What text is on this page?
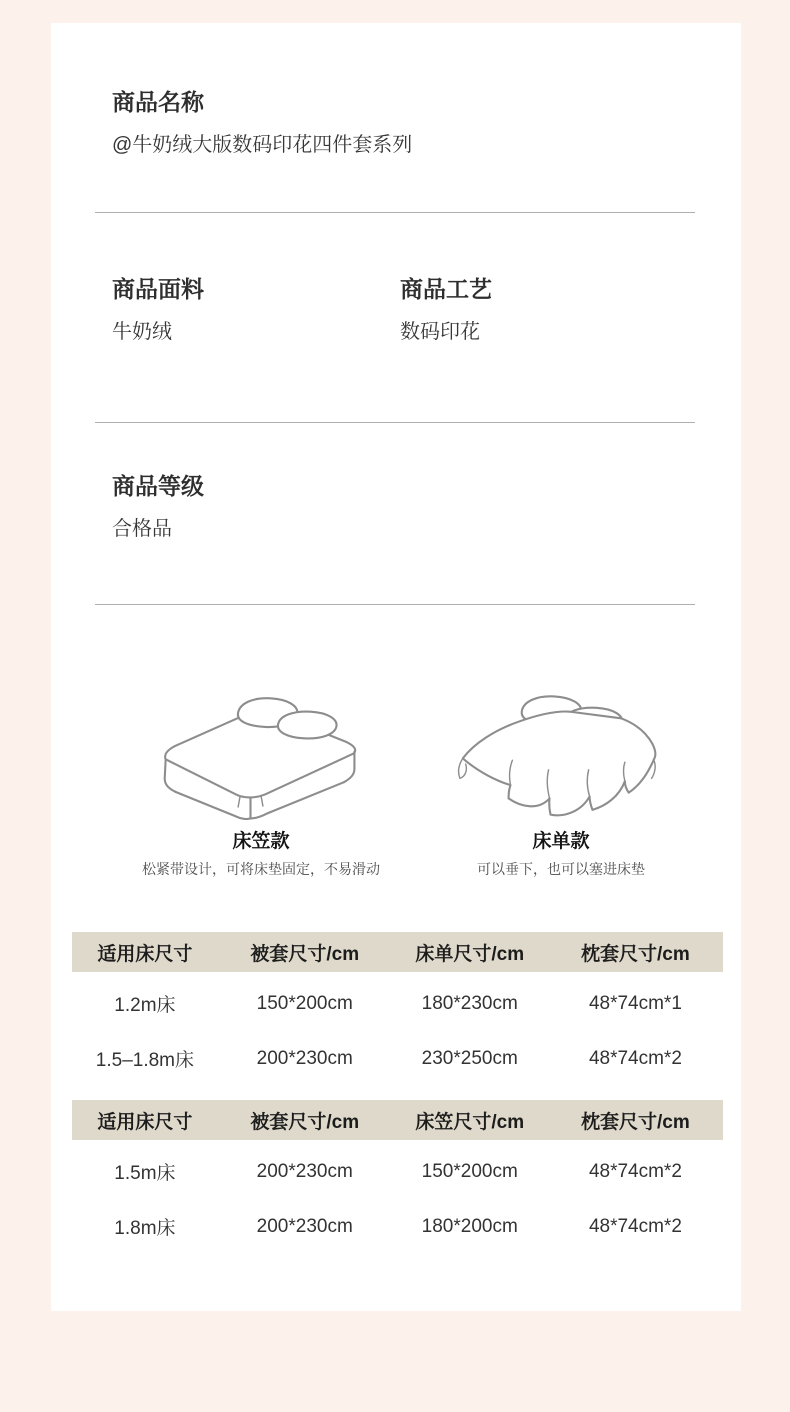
商品名称

@牛奶绒大版数码印花四件套系列

商品面料

牛奶绒

商品工艺

数码印花

商品等级

合格品

床笠款
松紧带设计，可将床垫固定，不易滑动
床单款
可以垂下，也可以塞进床垫
适用床尺寸	被套尺寸/cm	床单尺寸/cm	枕套尺寸/cm
1.2m床	150*200cm	180*230cm	48*74cm*1
1.5–1.8m床	200*230cm	230*250cm	48*74cm*2
适用床尺寸	被套尺寸/cm	床笠尺寸/cm	枕套尺寸/cm
1.5m床	200*230cm	150*200cm	48*74cm*2
1.8m床	200*230cm	180*200cm	48*74cm*2
